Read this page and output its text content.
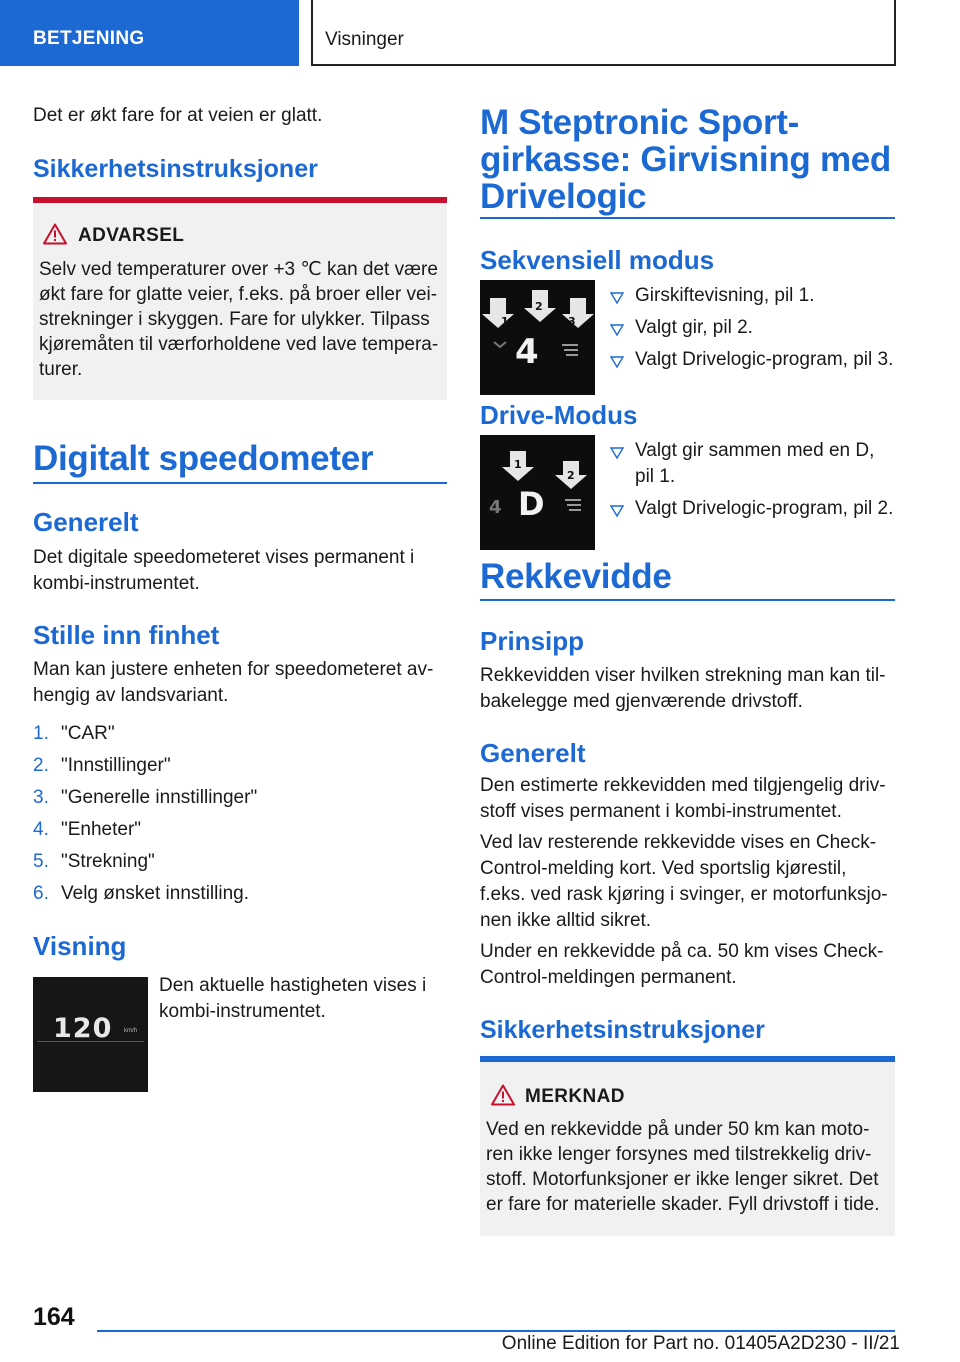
BETJENING	Visninger
Det er økt fare for at veien er glatt.
Sikkerhetsinstruksjoner
ADVARSEL
Selv ved temperaturer over +3 ℃ kan det være
økt fare for glatte veier, f.eks. på broer eller vei-
strekninger i skyggen. Fare for ulykker. Tilpass
kjøremåten til værforholdene ved lave tempera-
turer.
Digitalt speedometer
Generelt
Det digitale speedometeret vises permanent i
kombi-instrumentet.
Stille inn finhet
Man kan justere enheten for speedometeret av-
hengig av landsvariant.
1. "CAR"
2. "Innstillinger"
3. "Generelle innstillinger"
4. "Enheter"
5. "Strekning"
6. Velg ønsket innstilling.
Visning
120 km/h
Den aktuelle hastigheten vises i
kombi-instrumentet.
M Steptronic Sport-
girkasse: Girvisning med
Drivelogic
Sekvensiell modus
1
2
3
4
Girskiftevisning, pil 1.
Valgt gir, pil 2.
Valgt Drivelogic-program, pil 3.
Drive-Modus
1
2
4 D
Valgt gir sammen med en D,
pil 1.
Valgt Drivelogic-program, pil 2.
Rekkevidde
Prinsipp
Rekkevidden viser hvilken strekning man kan til-
bakelegge med gjenværende drivstoff.
Generelt
Den estimerte rekkevidden med tilgjengelig driv-
stoff vises permanent i kombi-instrumentet.
Ved lav resterende rekkevidde vises en Check-
Control-melding kort. Ved sportslig kjørestil,
f.eks. ved rask kjøring i svinger, er motorfunksjo-
nen ikke alltid sikret.
Under en rekkevidde på ca. 50 km vises Check-
Control-meldingen permanent.
Sikkerhetsinstruksjoner
MERKNAD
Ved en rekkevidde på under 50 km kan moto-
ren ikke lenger forsynes med tilstrekkelig driv-
stoff. Motorfunksjoner er ikke lenger sikret. Det
er fare for materielle skader. Fyll drivstoff i tide.
164
Online Edition for Part no. 01405A2D230 - II/21
